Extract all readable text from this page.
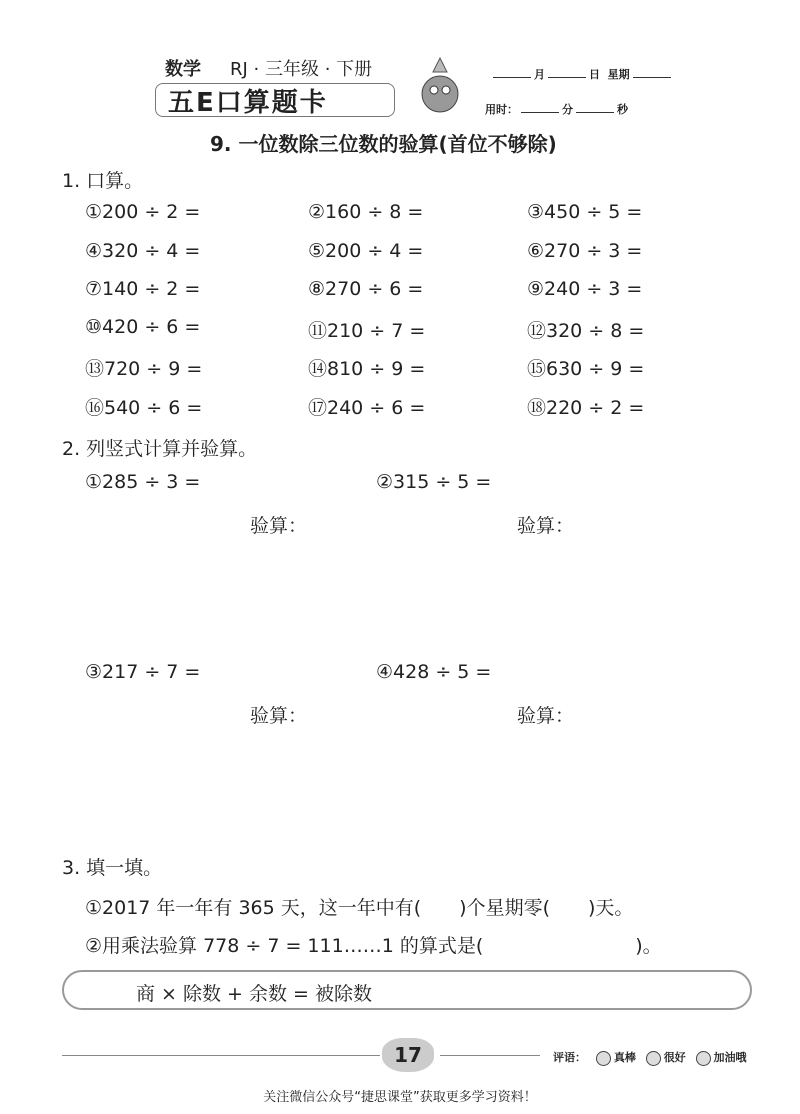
数学 RJ · 三年级 · 下册
五E口算题卡
月	日 星期
用时：	分	秒
9. 一位数除三位数的验算(首位不够除)
1. 口算。
①200 ÷ 2 =	②160 ÷ 8 =	③450 ÷ 5 =
④320 ÷ 4 =	⑤200 ÷ 4 =	⑥270 ÷ 3 =
⑦140 ÷ 2 =	⑧270 ÷ 6 =	⑨240 ÷ 3 =
⑩420 ÷ 6 =	⑪210 ÷ 7 =	⑫320 ÷ 8 =
⑬720 ÷ 9 =	⑭810 ÷ 9 =	⑮630 ÷ 9 =
⑯540 ÷ 6 =	⑰240 ÷ 6 =	⑱220 ÷ 2 =
2. 列竖式计算并验算。
①285 ÷ 3 =	②315 ÷ 5 =
验算：	验算：
③217 ÷ 7 =	④428 ÷ 5 =
验算：	验算：
3. 填一填。
①2017 年一年有 365 天，这一年中有(　　)个星期零(　　)天。
②用乘法验算 778 ÷ 7 = 111……1 的算式是(　　　　　　　　)。
商 × 除数 + 余数 = 被除数
17	评语：	真棒	很好	加油哦
关注微信公众号“捷思课堂”获取更多学习资料！
